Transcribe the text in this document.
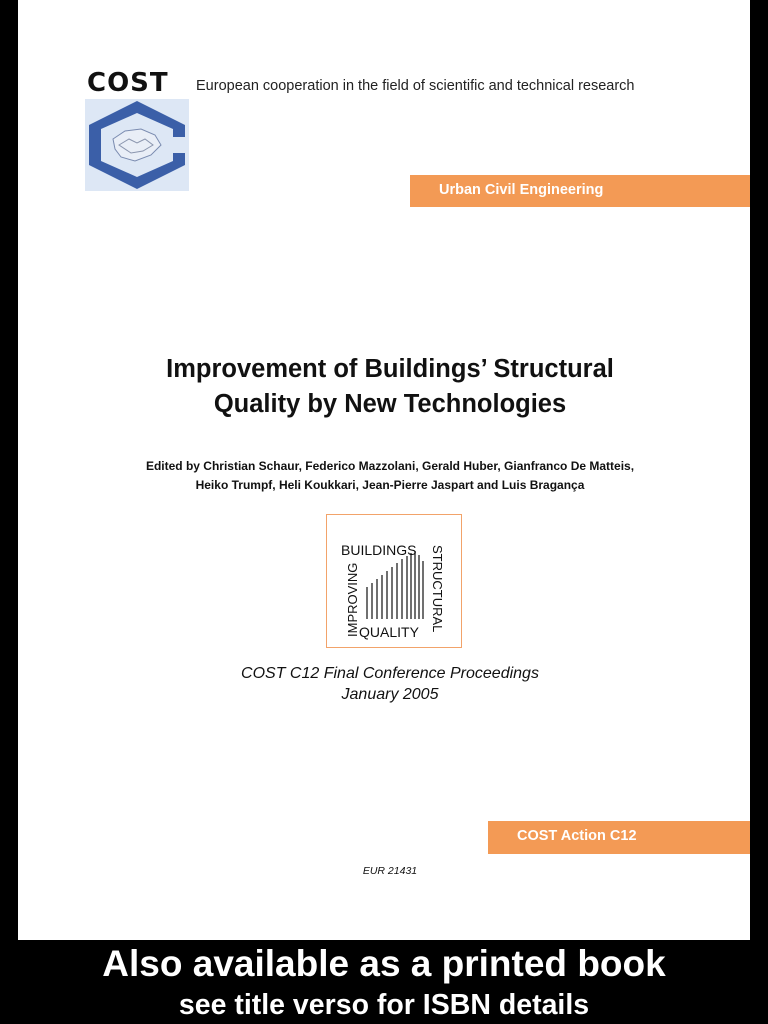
COST European cooperation in the field of scientific and technical research
Urban Civil Engineering
Improvement of Buildings’ Structural
Quality by New Technologies
Edited by Christian Schaur, Federico Mazzolani, Gerald Huber, Gianfranco De Matteis,
Heiko Trumpf, Heli Koukkari, Jean-Pierre Jaspart and Luis Bragança
BUILDINGS
IMPROVING	STRUCTURAL
QUALITY
COST C12 Final Conference Proceedings
January 2005
COST Action C12
EUR 21431
Also available as a printed book
see title verso for ISBN details
